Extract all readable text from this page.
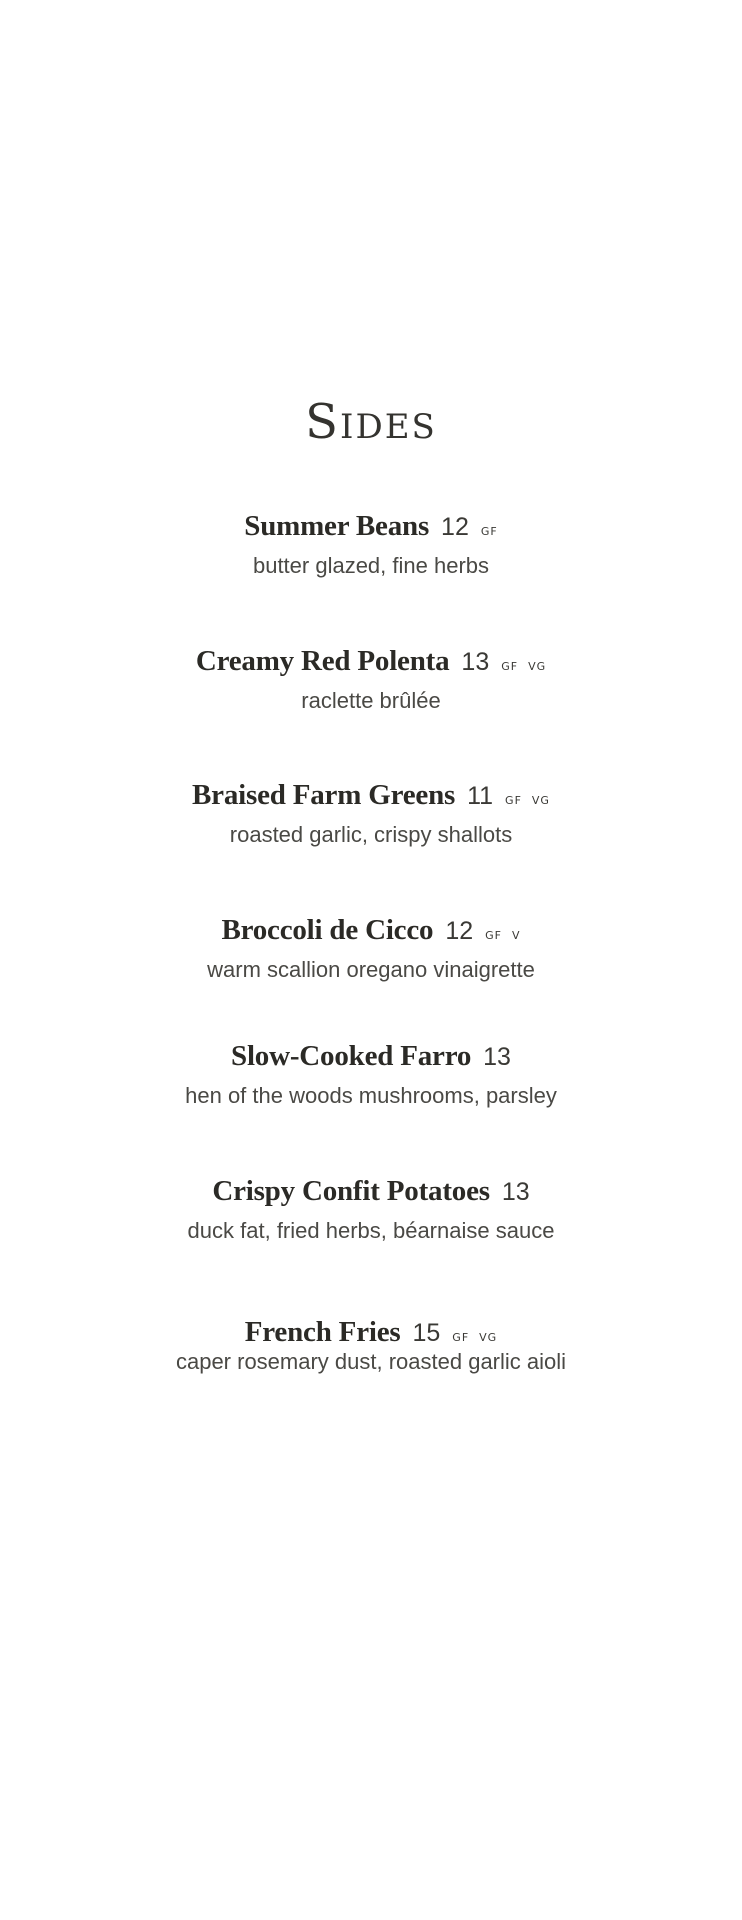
Sides
Summer Beans 12 GF
butter glazed, fine herbs
Creamy Red Polenta 13 GF VG
raclette brûlée
Braised Farm Greens 11 GF VG
roasted garlic, crispy shallots
Broccoli de Cicco 12 GF V
warm scallion oregano vinaigrette
Slow-Cooked Farro 13
hen of the woods mushrooms, parsley
Crispy Confit Potatoes 13
duck fat, fried herbs, béarnaise sauce
French Fries 15 GF VG
caper rosemary dust, roasted garlic aioli
